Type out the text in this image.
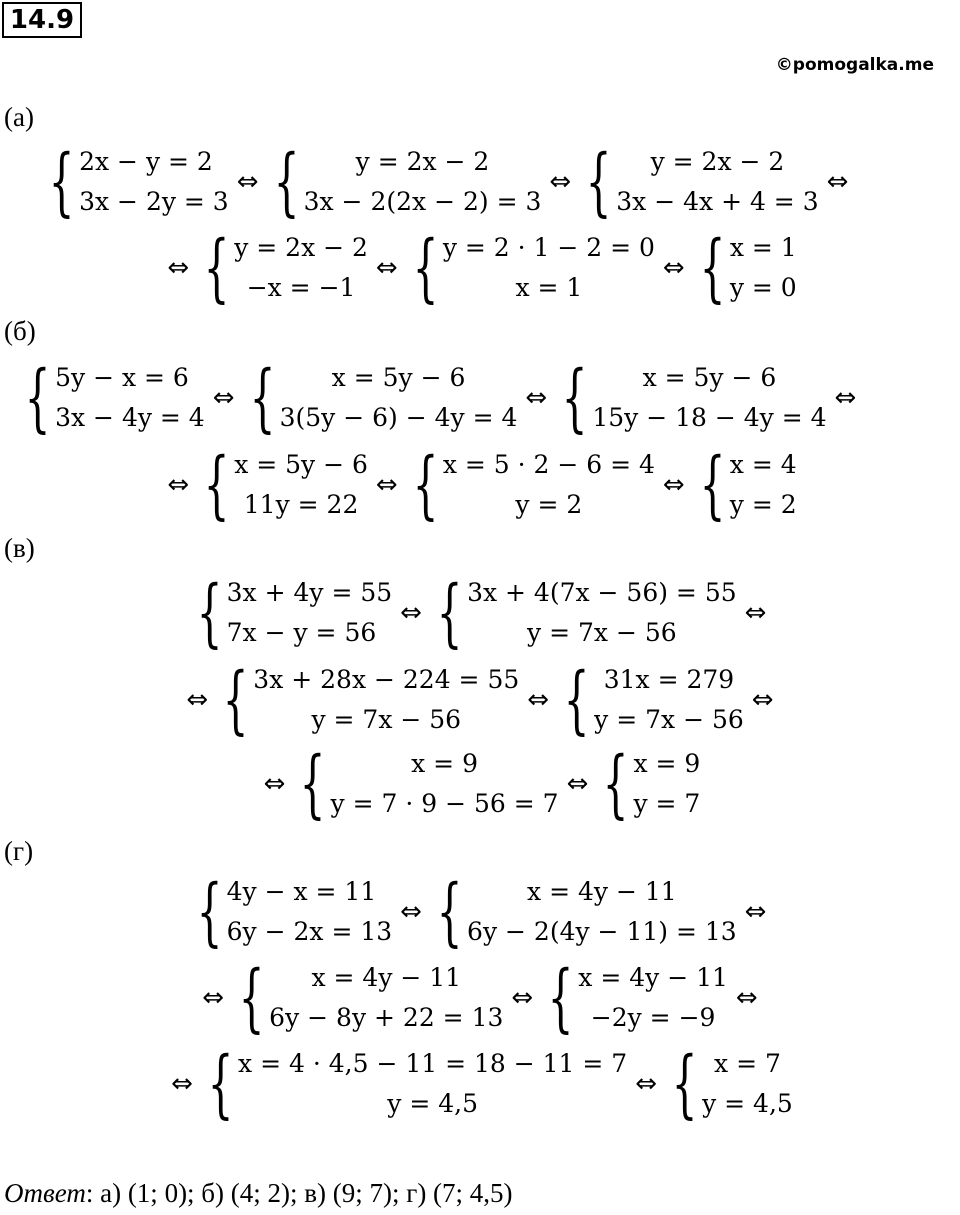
14.9
©pomogalka.me
(а)
{ 2x − y = 2
3x − 2y = 3
⇔ { y = 2x − 2
3x − 2(2x − 2) = 3
⇔ { y = 2x − 2
3x − 4x + 4 = 3
⇔
⇔ { y = 2x − 2
−x = −1
⇔ { y = 2 · 1 − 2 = 0
x = 1
⇔ { x = 1
y = 0
(б)
{ 5y − x = 6
3x − 4y = 4
⇔ { x = 5y − 6
3(5y − 6) − 4y = 4
⇔ { x = 5y − 6
15y − 18 − 4y = 4
⇔
⇔ { x = 5y − 6
11y = 22
⇔ { x = 5 · 2 − 6 = 4
y = 2
⇔ { x = 4
y = 2
(в)
{ 3x + 4y = 55
7x − y = 56
⇔ { 3x + 4(7x − 56) = 55
y = 7x − 56
⇔
⇔ { 3x + 28x − 224 = 55
y = 7x − 56
⇔ { 31x = 279
y = 7x − 56
⇔
⇔ {	x = 9
y = 7 · 9 − 56 = 7
⇔ { x = 9
y = 7
(г)
{ 4y − x = 11
6y − 2x = 13
⇔ {	x = 4y − 11
6y − 2(4y − 11) = 13
⇔
⇔ { x = 4y − 11
6y − 8y + 22 = 13
⇔ { x = 4y − 11
−2y = −9
⇔
⇔ { x = 4 · 4,5 − 11 = 18 − 11 = 7
y = 4,5
⇔ { x = 7
y = 4,5
Ответ: а) (1; 0); б) (4; 2); в) (9; 7); г) (7; 4,5)
